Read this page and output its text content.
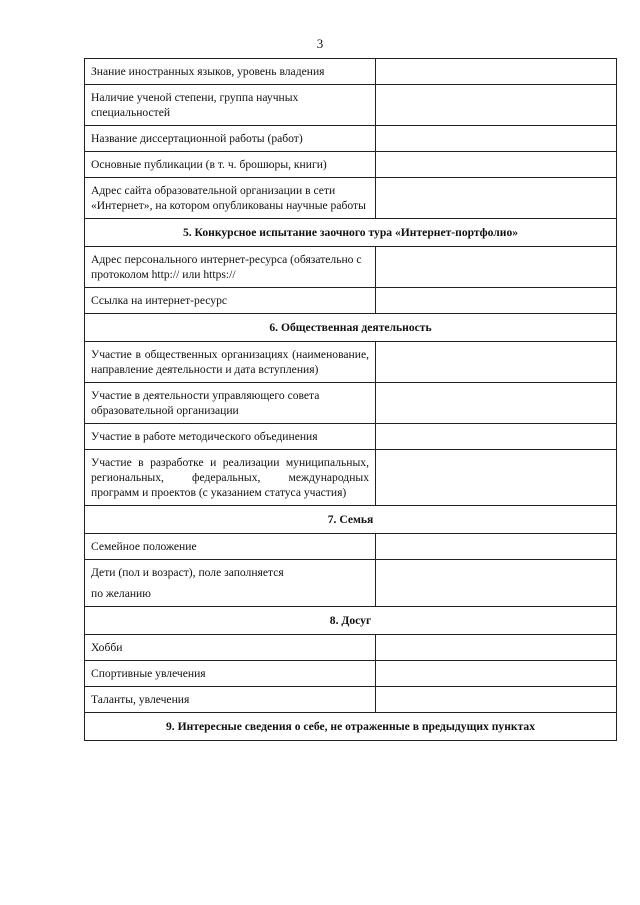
3
Знание иностранных языков, уровень владения	
Наличие ученой степени, группа научных специальностей	
Название диссертационной работы (работ)	
Основные публикации (в т. ч. брошюры, книги)	
Адрес сайта образовательной организации в сети «Интернет», на котором опубликованы научные работы	
5. Конкурсное испытание заочного тура «Интернет-портфолио»	
Адрес персонального интернет-ресурса (обязательно с протоколом http:// или https://	
Ссылка на интернет-ресурс	
6. Общественная деятельность	
Участие в общественных организациях (наименование, направление деятельности и дата вступления)	
Участие в деятельности управляющего совета образовательной организации	
Участие в работе методического объединения	
Участие в разработке и реализации муниципальных, региональных, федеральных, международных программ и проектов (с указанием статуса участия)	
7. Семья	
Семейное положение	
Дети (пол и возраст), поле заполняется
по желанию	

8. Досуг	
Хобби	
Спортивные увлечения	
Таланты, увлечения	
9. Интересные сведения о себе, не отраженные в предыдущих пунктах	
